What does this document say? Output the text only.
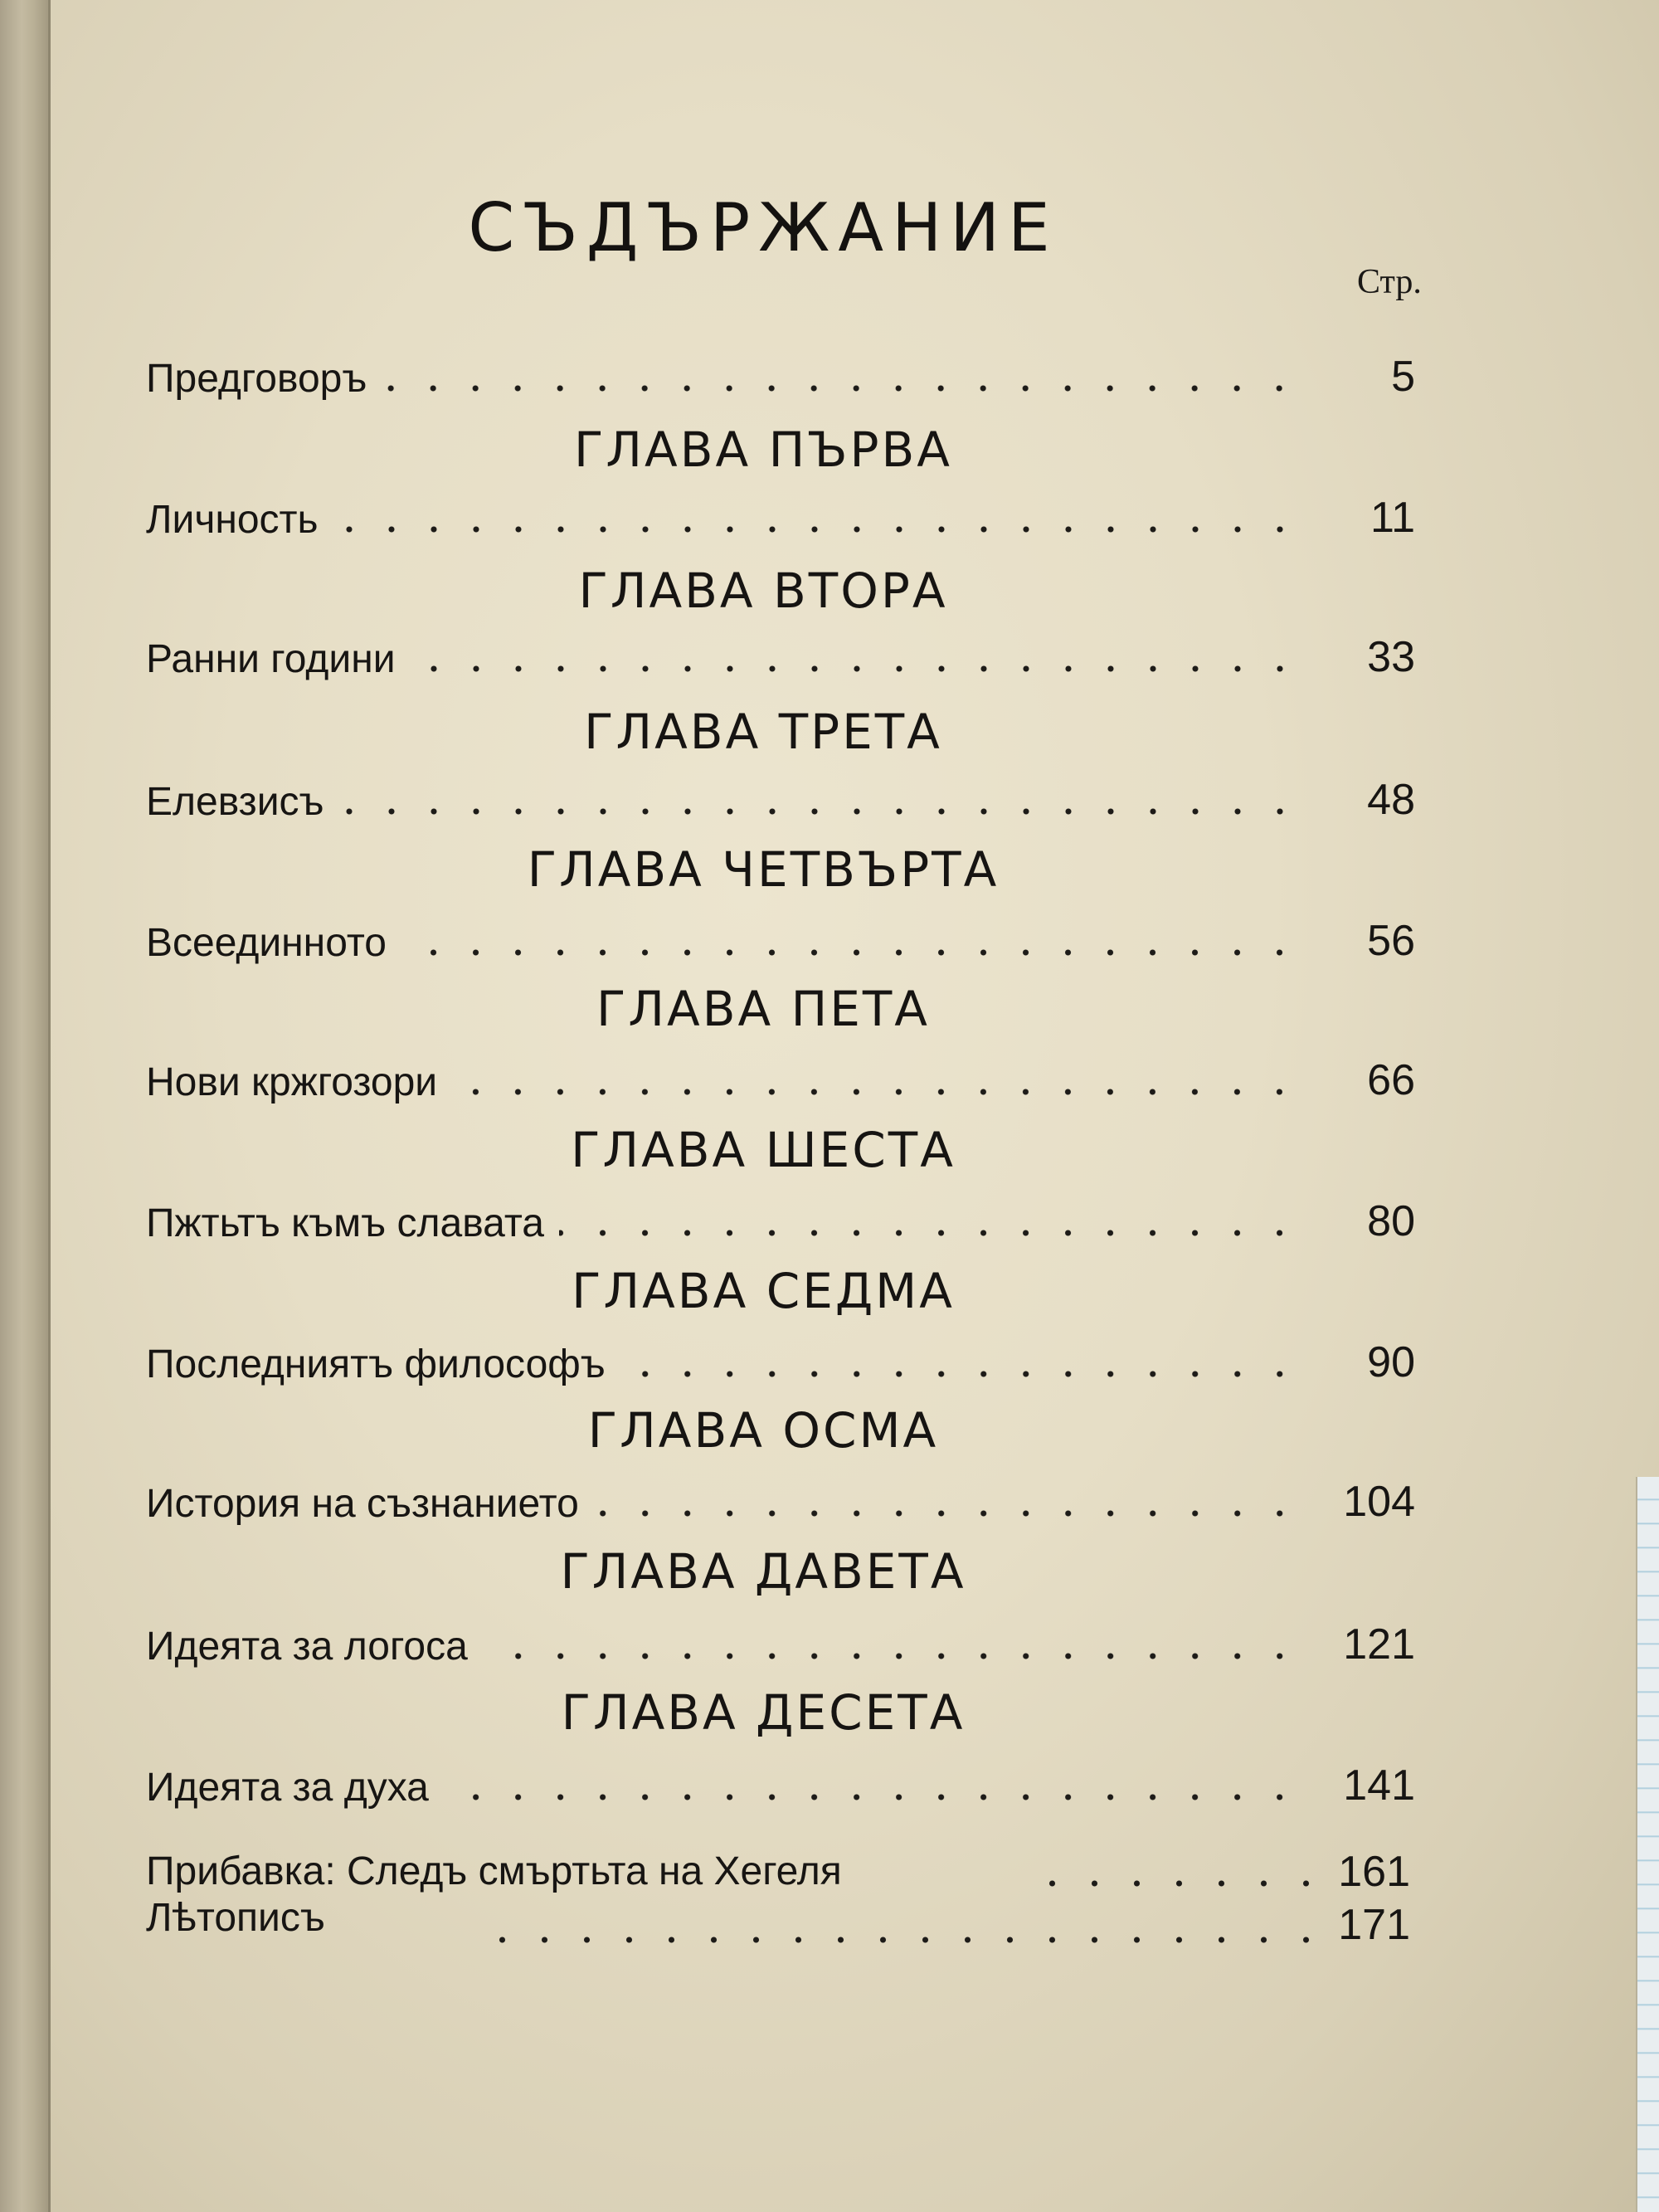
СЪДЪРЖАНИЕ
Стр.
Предговоръ	5
ГЛАВА ПЪРВА
Личность	11
ГЛАВА ВТОРА
Ранни години	33
ГЛАВА ТРЕТА
Елевзисъ	48
ГЛАВА ЧЕТВЪРТА
Всеединното	56
ГЛАВА ПЕТА
Нови кржгозори	66
ГЛАВА ШЕСТА
Пжтьтъ къмъ славата	80
ГЛАВА СЕДМА
Последниятъ философъ	90
ГЛАВА ОСМА
История на съзнанието	104
ГЛАВА ДАВЕТА
Идеята за логоса	121
ГЛАВА ДЕСЕТА
Идеята за духа	141
Прибавка: Следъ смъртьта на Хегеля	161
Лѣтописъ	171
